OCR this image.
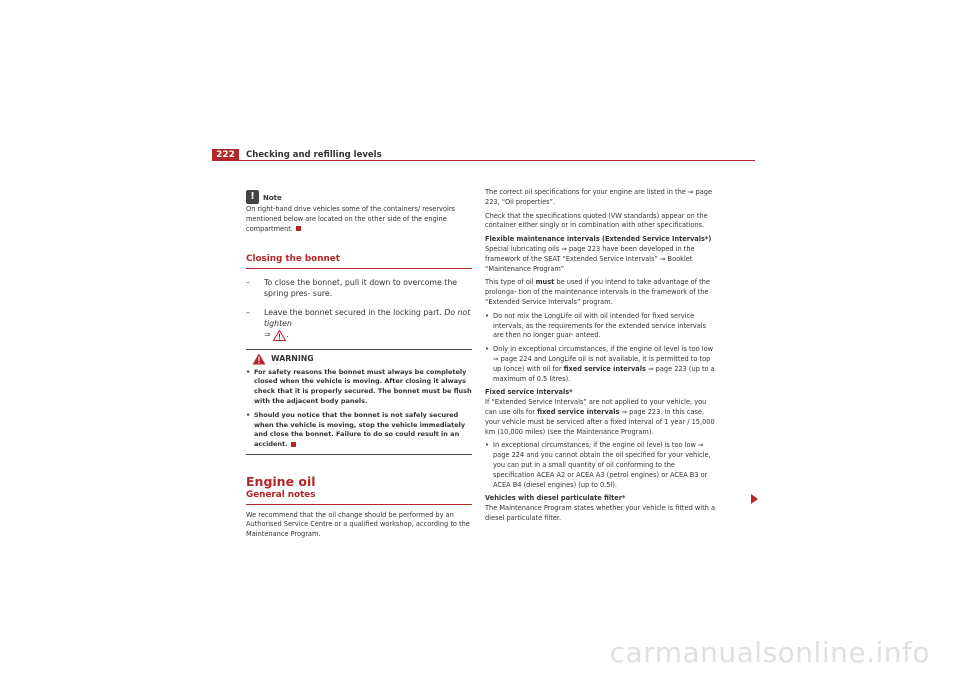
222	Checking and refilling levels
! Note

On right-hand drive vehicles some of the containers/ reservoirs mentioned below are located on the other side of the engine compartment.

Closing the bonnet
– To close the bonnet, pull it down to overcome the spring pres- sure.
– Leave the bonnet secured in the locking part. Do not tighten
⇒ .
WARNING

• For safety reasons the bonnet must always be completely closed when the vehicle is moving. After closing it always check that it is properly secured. The bonnet must be flush with the adjacent body panels.

• Should you notice that the bonnet is not safely secured when the vehicle is moving, stop the vehicle immediately and close the bonnet. Failure to do so could result in an accident.

Engine oil
General notes

We recommend that the oil change should be performed by an Authorised Service Centre or a qualified workshop, according to the Maintenance Program.

The correct oil specifications for your engine are listed in the ⇒ page 223, “Oil properties”.

Check that the specifications quoted (VW standards) appear on the container either singly or in combination with other specifications.

Flexible maintenance intervals (Extended Service Intervals*)

Special lubricating oils ⇒ page 223 have been developed in the framework of the SEAT “Extended Service Intervals” ⇒ Booklet “Maintenance Program”

This type of oil must be used if you intend to take advantage of the prolonga- tion of the maintenance intervals in the framework of the “Extended Service Intervals” program.

• Do not mix the LongLife oil with oil intended for fixed service intervals, as the requirements for the extended service intervals are then no longer guar- anteed.

• Only in exceptional circumstances, if the engine oil level is too low ⇒ page 224 and LongLife oil is not available, it is permitted to top up (once) with oil for fixed service intervals ⇒ page 223 (up to a maximum of 0.5 litres).

Fixed service intervals*

If “Extended Service Intervals” are not applied to your vehicle, you can use oils for fixed service intervals ⇒ page 223. In this case, your vehicle must be serviced after a fixed interval of 1 year / 15,000 km (10,000 miles) (see the Maintenance Program).

• In exceptional circumstances, if the engine oil level is too low ⇒ page 224 and you cannot obtain the oil specified for your vehicle, you can put in a small quantity of oil conforming to the specification ACEA A2 or ACEA A3 (petrol engines) or ACEA B3 or ACEA B4 (diesel engines) (up to 0.5l).

Vehicles with diesel particulate filter*

The Maintenance Program states whether your vehicle is fitted with a diesel particulate filter.

carmanualsonline.info
